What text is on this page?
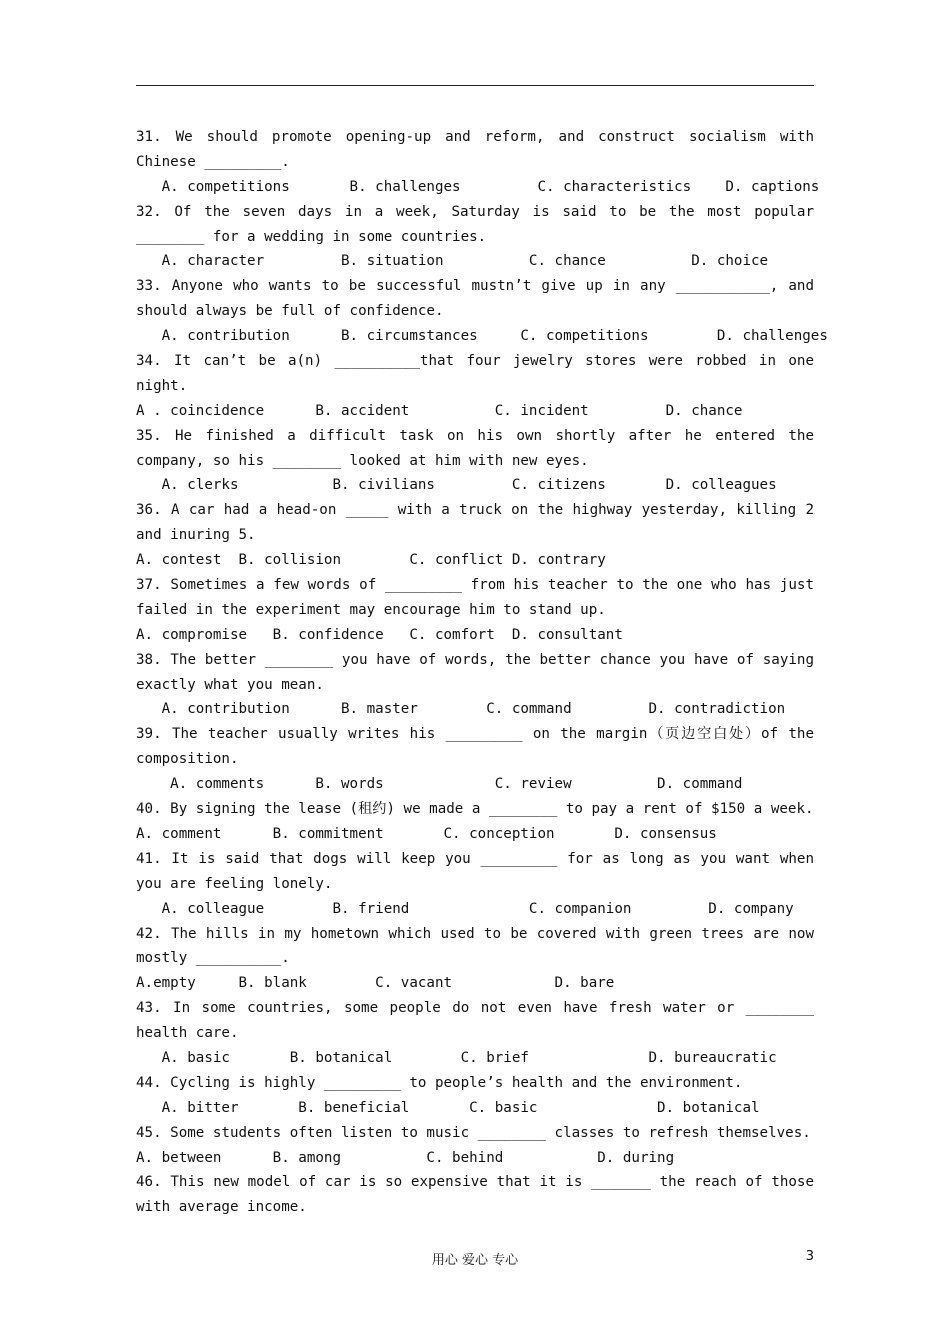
31. We should promote opening-up and reform, and construct socialism with
Chinese _________.
A. competitions       B. challenges         C. characteristics    D. captions
32. Of the seven days in a week, Saturday is said to be the most popular
________ for a wedding in some countries.
A. character         B. situation          C. chance          D. choice
33. Anyone who wants to be successful mustn’t give up in any ___________, and
should always be full of confidence.
A. contribution      B. circumstances     C. competitions        D. challenges
34. It can’t be a(n) __________that four jewelry stores were robbed in one
night.
A . coincidence      B. accident          C. incident         D. chance
35. He finished a difficult task on his own shortly after he entered the
company, so his ________ looked at him with new eyes.
A. clerks           B. civilians         C. citizens       D. colleagues
36. A car had a head-on _____ with a truck on the highway yesterday, killing 2
and inuring 5.
A. contest  B. collision        C. conflict D. contrary
37. Sometimes a few words of _________ from his teacher to the one who has just
failed in the experiment may encourage him to stand up.
A. compromise   B. confidence   C. comfort  D. consultant
38. The better ________ you have of words, the better chance you have of saying
exactly what you mean.
A. contribution      B. master        C. command         D. contradiction
39. The teacher usually writes his _________ on the margin（页边空白处）of the
composition.
A. comments      B. words             C. review          D. command
40. By signing the lease (租约) we made a ________ to pay a rent of $150 a week.
A. comment      B. commitment       C. conception       D. consensus
41. It is said that dogs will keep you _________ for as long as you want when
you are feeling lonely.
A. colleague        B. friend              C. companion         D. company
42. The hills in my hometown which used to be covered with green trees are now
mostly __________.
A.empty     B. blank        C. vacant            D. bare
43. In some countries, some people do not even have fresh water or ________
health care.
A. basic       B. botanical        C. brief              D. bureaucratic
44. Cycling is highly _________ to people’s health and the environment.
A. bitter       B. beneficial       C. basic              D. botanical
45. Some students often listen to music ________ classes to refresh themselves.
A. between      B. among          C. behind           D. during
46. This new model of car is so expensive that it is _______ the reach of those
with average income.
用心 爱心 专心	3
